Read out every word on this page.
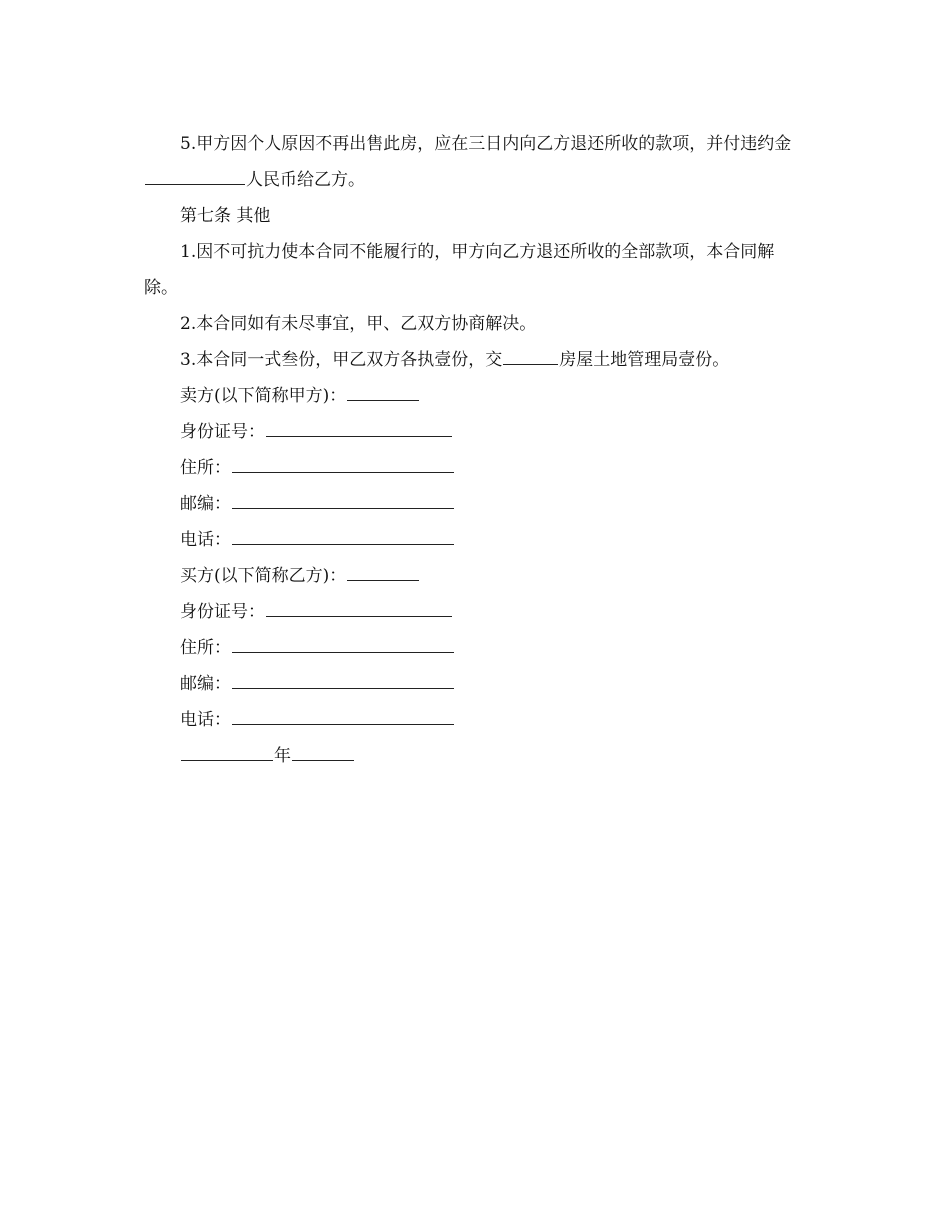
5.甲方因个人原因不再出售此房，应在三日内向乙方退还所收的款项，并付违约金人民币给乙方。

第七条 其他

1.因不可抗力使本合同不能履行的，甲方向乙方退还所收的全部款项，本合同解除。

2.本合同如有未尽事宜，甲、乙双方协商解决。

3.本合同一式叁份，甲乙双方各执壹份，交	房屋土地管理局壹份。

卖方(以下简称甲方)：

身份证号：

住所：

邮编：

电话：

买方(以下简称乙方)：

身份证号：

住所：

邮编：

电话：

年
